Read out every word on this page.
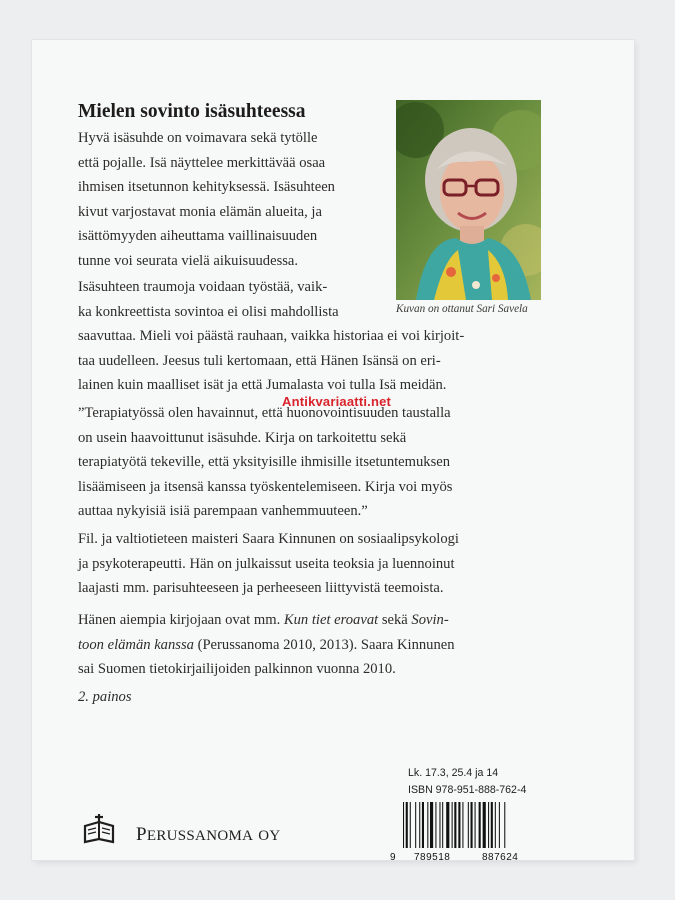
Mielen sovinto isäsuhteessa
Hyvä isäsuhde on voimavara sekä tytölle
että pojalle. Isä näyttelee merkittävää osaa
ihmisen itsetunnon kehityksessä. Isäsuhteen
kivut varjostavat monia elämän alueita, ja
isättömyyden aiheuttama vaillinaisuuden
tunne voi seurata vielä aikuisuudessa.
Kuvan on ottanut Sari Savela
Isäsuhteen traumoja voidaan työstää, vaik-
ka konkreettista sovintoa ei olisi mahdollista
saavuttaa. Mieli voi päästä rauhaan, vaikka historiaa ei voi kirjoit-
taa uudelleen. Jeesus tuli kertomaan, että Hänen Isänsä on eri-
lainen kuin maalliset isät ja että Jumalasta voi tulla Isä meidän.
”Terapiatyössä olen havainnut, että huonovointisuuden taustalla
on usein haavoittunut isäsuhde. Kirja on tarkoitettu sekä
terapiatyötä tekeville, että yksityisille ihmisille itsetuntemuksen
lisäämiseen ja itsensä kanssa työskentelemiseen. Kirja voi myös
auttaa nykyisiä isiä parempaan vanhemmuuteen.”
Fil. ja valtiotieteen maisteri Saara Kinnunen on sosiaalipsykologi
ja psykoterapeutti. Hän on julkaissut useita teoksia ja luennoinut
laajasti mm. parisuhteeseen ja perheeseen liittyvistä teemoista.
Hänen aiempia kirjojaan ovat mm. Kun tiet eroavat sekä Sovin-
toon elämän kanssa (Perussanoma 2010, 2013). Saara Kinnunen
sai Suomen tietokirjailijoiden palkinnon vuonna 2010.
2. painos
Antikvariaatti.net
Lk. 17.3, 25.4 ja 14
ISBN 978-951-888-762-4
9 789518	887624
PERUSSANOMA OY
